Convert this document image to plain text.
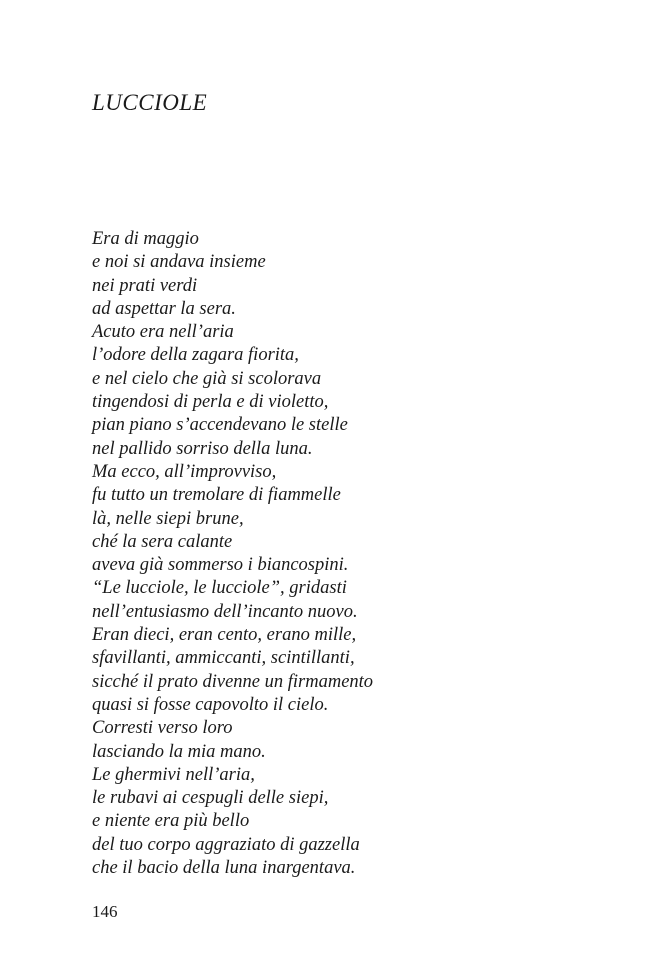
LUCCIOLE
Era di maggio
e noi si andava insieme
nei prati verdi
ad aspettar la sera.
Acuto era nell’aria
l’odore della zagara fiorita,
e nel cielo che già si scolorava
tingendosi di perla e di violetto,
pian piano s’accendevano le stelle
nel pallido sorriso della luna.
Ma ecco, all’improvviso,
fu tutto un tremolare di fiammelle
là, nelle siepi brune,
ché la sera calante
aveva già sommerso i biancospini.
“Le lucciole, le lucciole”, gridasti
nell’entusiasmo dell’incanto nuovo.
Eran dieci, eran cento, erano mille,
sfavillanti, ammiccanti, scintillanti,
sicché il prato divenne un firmamento
quasi si fosse capovolto il cielo.
Corresti verso loro
lasciando la mia mano.
Le ghermivi nell’aria,
le rubavi ai cespugli delle siepi,
e niente era più bello
del tuo corpo aggraziato di gazzella
che il bacio della luna inargentava.
146
